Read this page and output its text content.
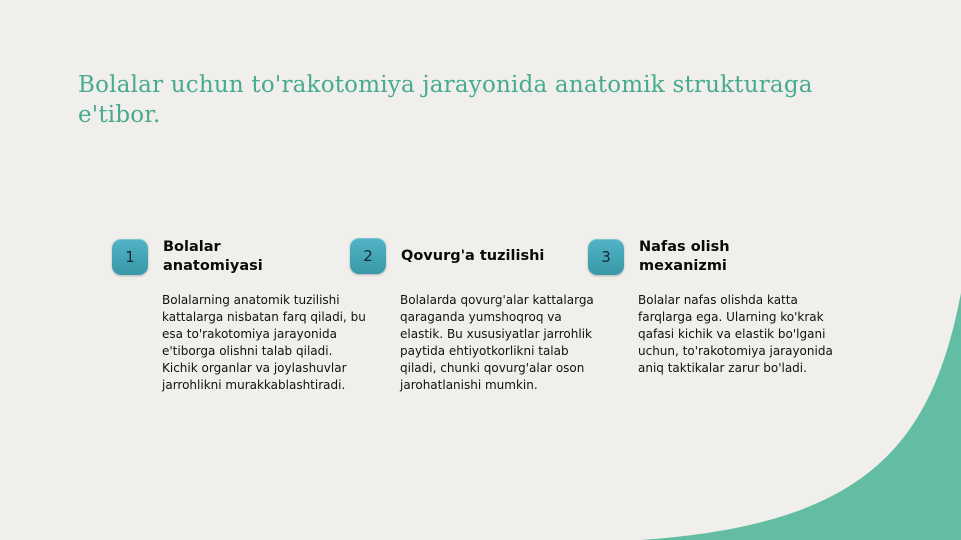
Bolalar uchun to'rakotomiya jarayonida anatomik strukturaga e'tibor.
1
Bolalar anatomiyasi

Bolalarning anatomik tuzilishi kattalarga nisbatan farq qiladi, bu esa to'rakotomiya jarayonida e'tiborga olishni talab qiladi. Kichik organlar va joylashuvlar jarrohlikni murakkablashtiradi.

2	Qovurg'a tuzilishi

Bolalarda qovurg'alar kattalarga qaraganda yumshoqroq va elastik. Bu xususiyatlar jarrohlik paytida ehtiyotkorlikni talab qiladi, chunki qovurg'alar oson jarohatlanishi mumkin.

3
Nafas olish mexanizmi

Bolalar nafas olishda katta farqlarga ega. Ularning ko'krak qafasi kichik va elastik bo'lgani uchun, to'rakotomiya jarayonida aniq taktikalar zarur bo'ladi.
